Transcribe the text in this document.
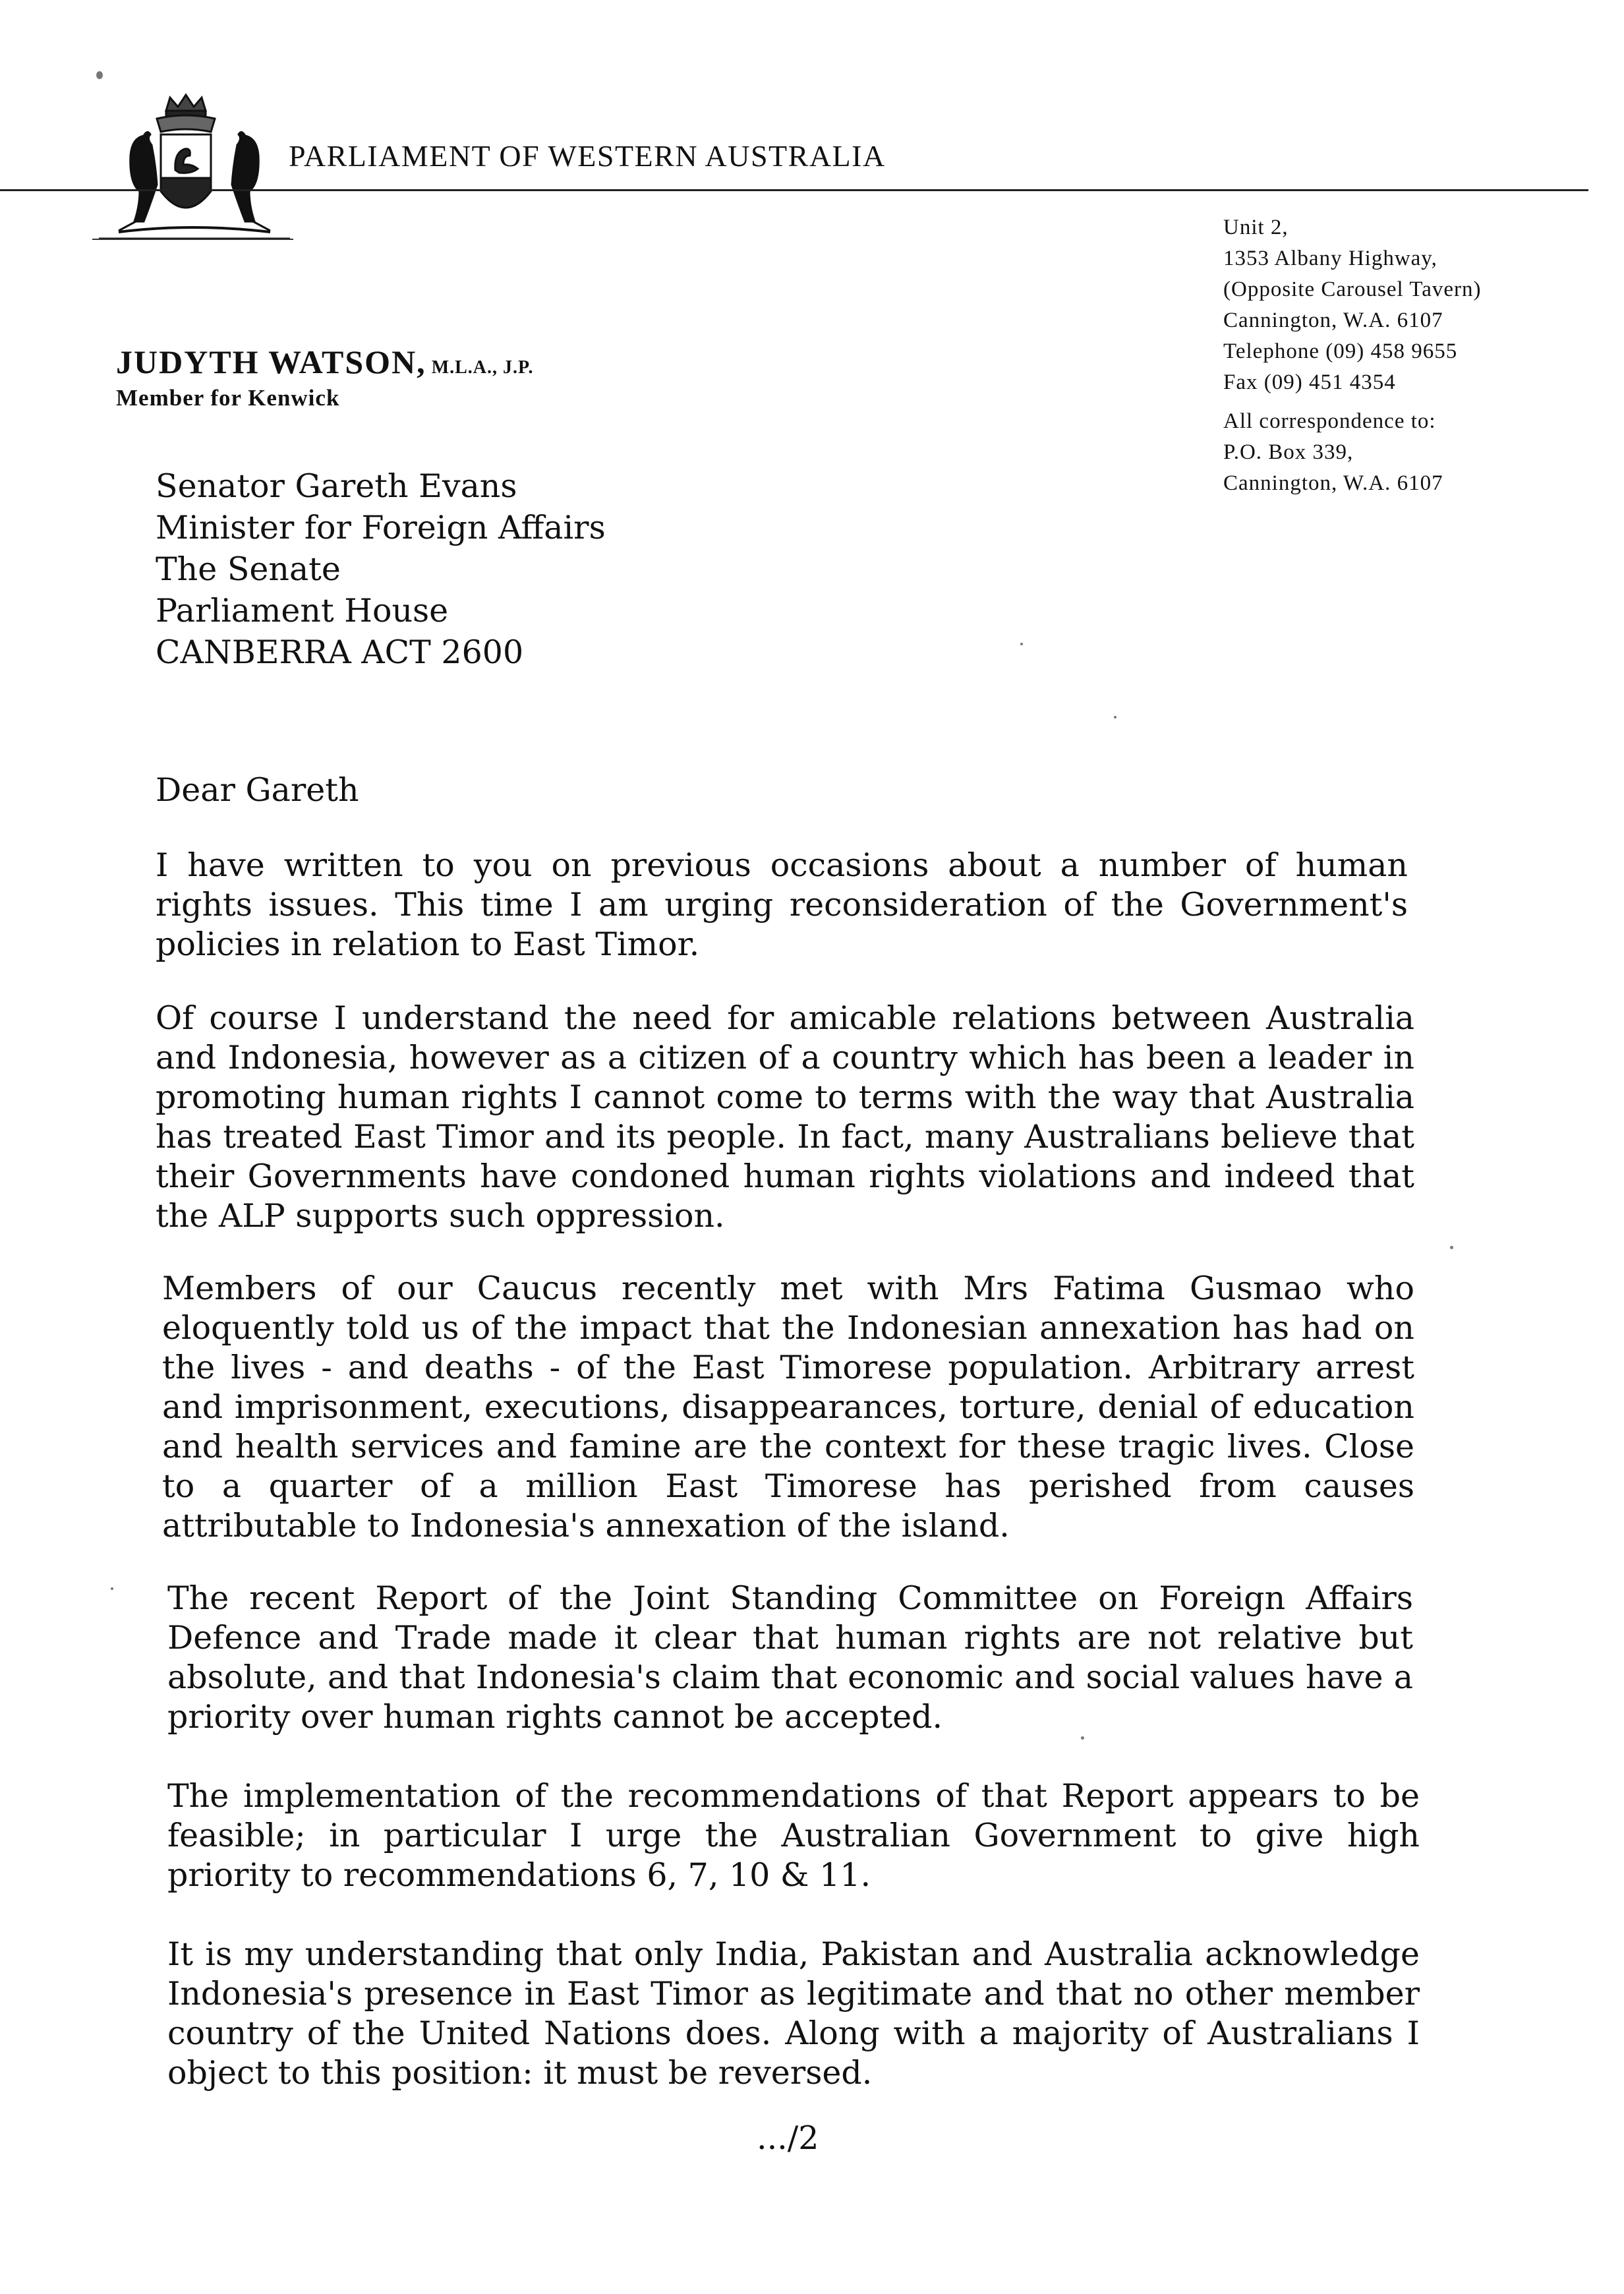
PARLIAMENT OF WESTERN AUSTRALIA
JUDYTH WATSON, M.L.A., J.P.
Member for Kenwick
Unit 2,
1353 Albany Highway,
(Opposite Carousel Tavern)
Cannington, W.A. 6107
Telephone (09) 458 9655
Fax (09) 451 4354
All correspondence to:
P.O. Box 339,
Cannington, W.A. 6107
Senator Gareth Evans
Minister for Foreign Affairs
The Senate
Parliament House
CANBERRA ACT 2600
Dear Gareth
I have written to you on previous occasions about a number of human rights issues. This time I am urging reconsideration of the Government's policies in relation to East Timor.
Of course I understand the need for amicable relations between Australia and Indonesia, however as a citizen of a country which has been a leader in promoting human rights I cannot come to terms with the way that Australia has treated East Timor and its people. In fact, many Australians believe that their Governments have condoned human rights violations and indeed that the ALP supports such oppression.
Members of our Caucus recently met with Mrs Fatima Gusmao who eloquently told us of the impact that the Indonesian annexation has had on the lives - and deaths - of the East Timorese population. Arbitrary arrest and imprisonment, executions, disappearances, torture, denial of education and health services and famine are the context for these tragic lives. Close to a quarter of a million East Timorese has perished from causes attributable to Indonesia's annexation of the island.
The recent Report of the Joint Standing Committee on Foreign Affairs Defence and Trade made it clear that human rights are not relative but absolute, and that Indonesia's claim that economic and social values have a priority over human rights cannot be accepted.
The implementation of the recommendations of that Report appears to be feasible; in particular I urge the Australian Government to give high priority to recommendations 6, 7, 10 & 11.
It is my understanding that only India, Pakistan and Australia acknowledge Indonesia's presence in East Timor as legitimate and that no other member country of the United Nations does. Along with a majority of Australians I object to this position: it must be reversed.
.../2
